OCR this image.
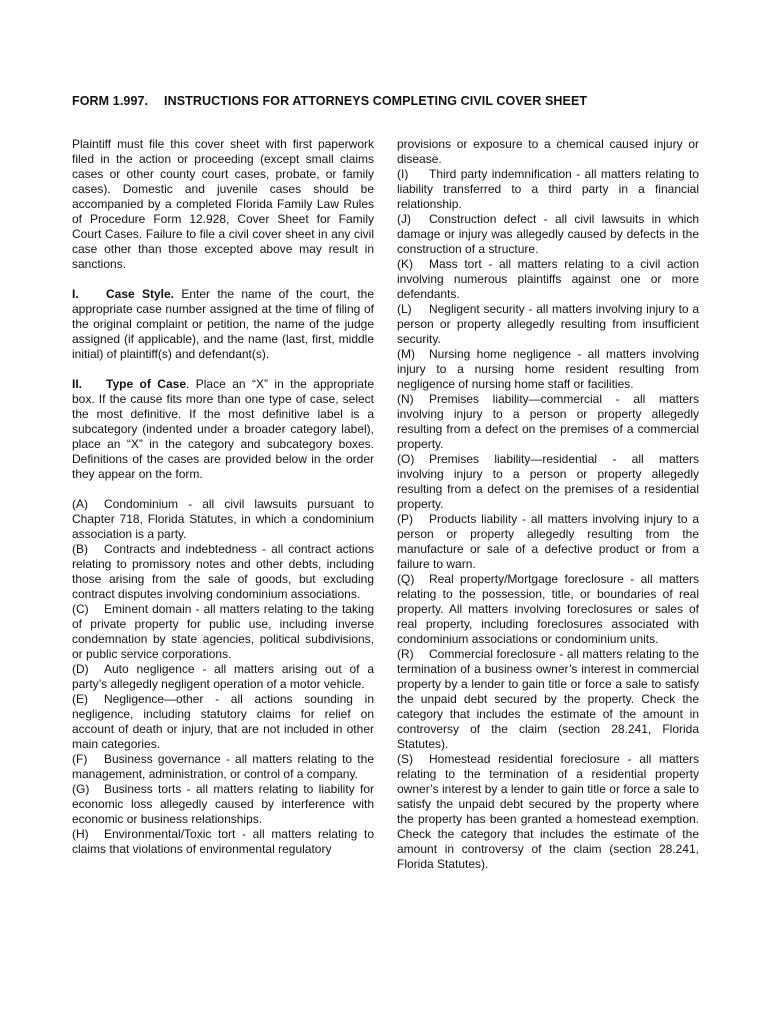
FORM 1.997. INSTRUCTIONS FOR ATTORNEYS COMPLETING CIVIL COVER SHEET

Plaintiff must file this cover sheet with first paperwork filed in the action or proceeding (except small claims cases or other county court cases, probate, or family cases). Domestic and juvenile cases should be accompanied by a completed Florida Family Law Rules of Procedure Form 12.928, Cover Sheet for Family Court Cases. Failure to file a civil cover sheet in any civil case other than those excepted above may result in sanctions.

I. Case Style. Enter the name of the court, the appropriate case number assigned at the time of filing of the original complaint or petition, the name of the judge assigned (if applicable), and the name (last, first, middle initial) of plaintiff(s) and defendant(s).

II. Type of Case. Place an “X” in the appropriate box. If the cause fits more than one type of case, select the most definitive. If the most definitive label is a subcategory (indented under a broader category label), place an “X” in the category and subcategory boxes. Definitions of the cases are provided below in the order they appear on the form.

(A) Condominium - all civil lawsuits pursuant to Chapter 718, Florida Statutes, in which a condominium association is a party.

(B) Contracts and indebtedness - all contract actions relating to promissory notes and other debts, including those arising from the sale of goods, but excluding contract disputes involving condominium associations.

(C) Eminent domain - all matters relating to the taking of private property for public use, including inverse condemnation by state agencies, political subdivisions, or public service corporations.

(D) Auto negligence - all matters arising out of a party’s allegedly negligent operation of a motor vehicle.

(E) Negligence—other - all actions sounding in negligence, including statutory claims for relief on account of death or injury, that are not included in other main categories.

(F) Business governance - all matters relating to the management, administration, or control of a company.

(G) Business torts - all matters relating to liability for economic loss allegedly caused by interference with economic or business relationships.

(H) Environmental/Toxic tort - all matters relating to claims that violations of environmental regulatory

provisions or exposure to a chemical caused injury or disease.

(I) Third party indemnification - all matters relating to liability transferred to a third party in a financial relationship.

(J) Construction defect - all civil lawsuits in which damage or injury was allegedly caused by defects in the construction of a structure.

(K) Mass tort - all matters relating to a civil action involving numerous plaintiffs against one or more defendants.

(L) Negligent security - all matters involving injury to a person or property allegedly resulting from insufficient security.

(M) Nursing home negligence - all matters involving injury to a nursing home resident resulting from negligence of nursing home staff or facilities.

(N) Premises liability—commercial - all matters involving injury to a person or property allegedly resulting from a defect on the premises of a commercial property.

(O) Premises liability—residential - all matters involving injury to a person or property allegedly resulting from a defect on the premises of a residential property.

(P) Products liability - all matters involving injury to a person or property allegedly resulting from the manufacture or sale of a defective product or from a failure to warn.

(Q) Real property/Mortgage foreclosure - all matters relating to the possession, title, or boundaries of real property. All matters involving foreclosures or sales of real property, including foreclosures associated with condominium associations or condominium units.

(R) Commercial foreclosure - all matters relating to the termination of a business owner’s interest in commercial property by a lender to gain title or force a sale to satisfy the unpaid debt secured by the property. Check the category that includes the estimate of the amount in controversy of the claim (section 28.241, Florida Statutes).

(S) Homestead residential foreclosure - all matters relating to the termination of a residential property owner’s interest by a lender to gain title or force a sale to satisfy the unpaid debt secured by the property where the property has been granted a homestead exemption. Check the category that includes the estimate of the amount in controversy of the claim (section 28.241, Florida Statutes).
